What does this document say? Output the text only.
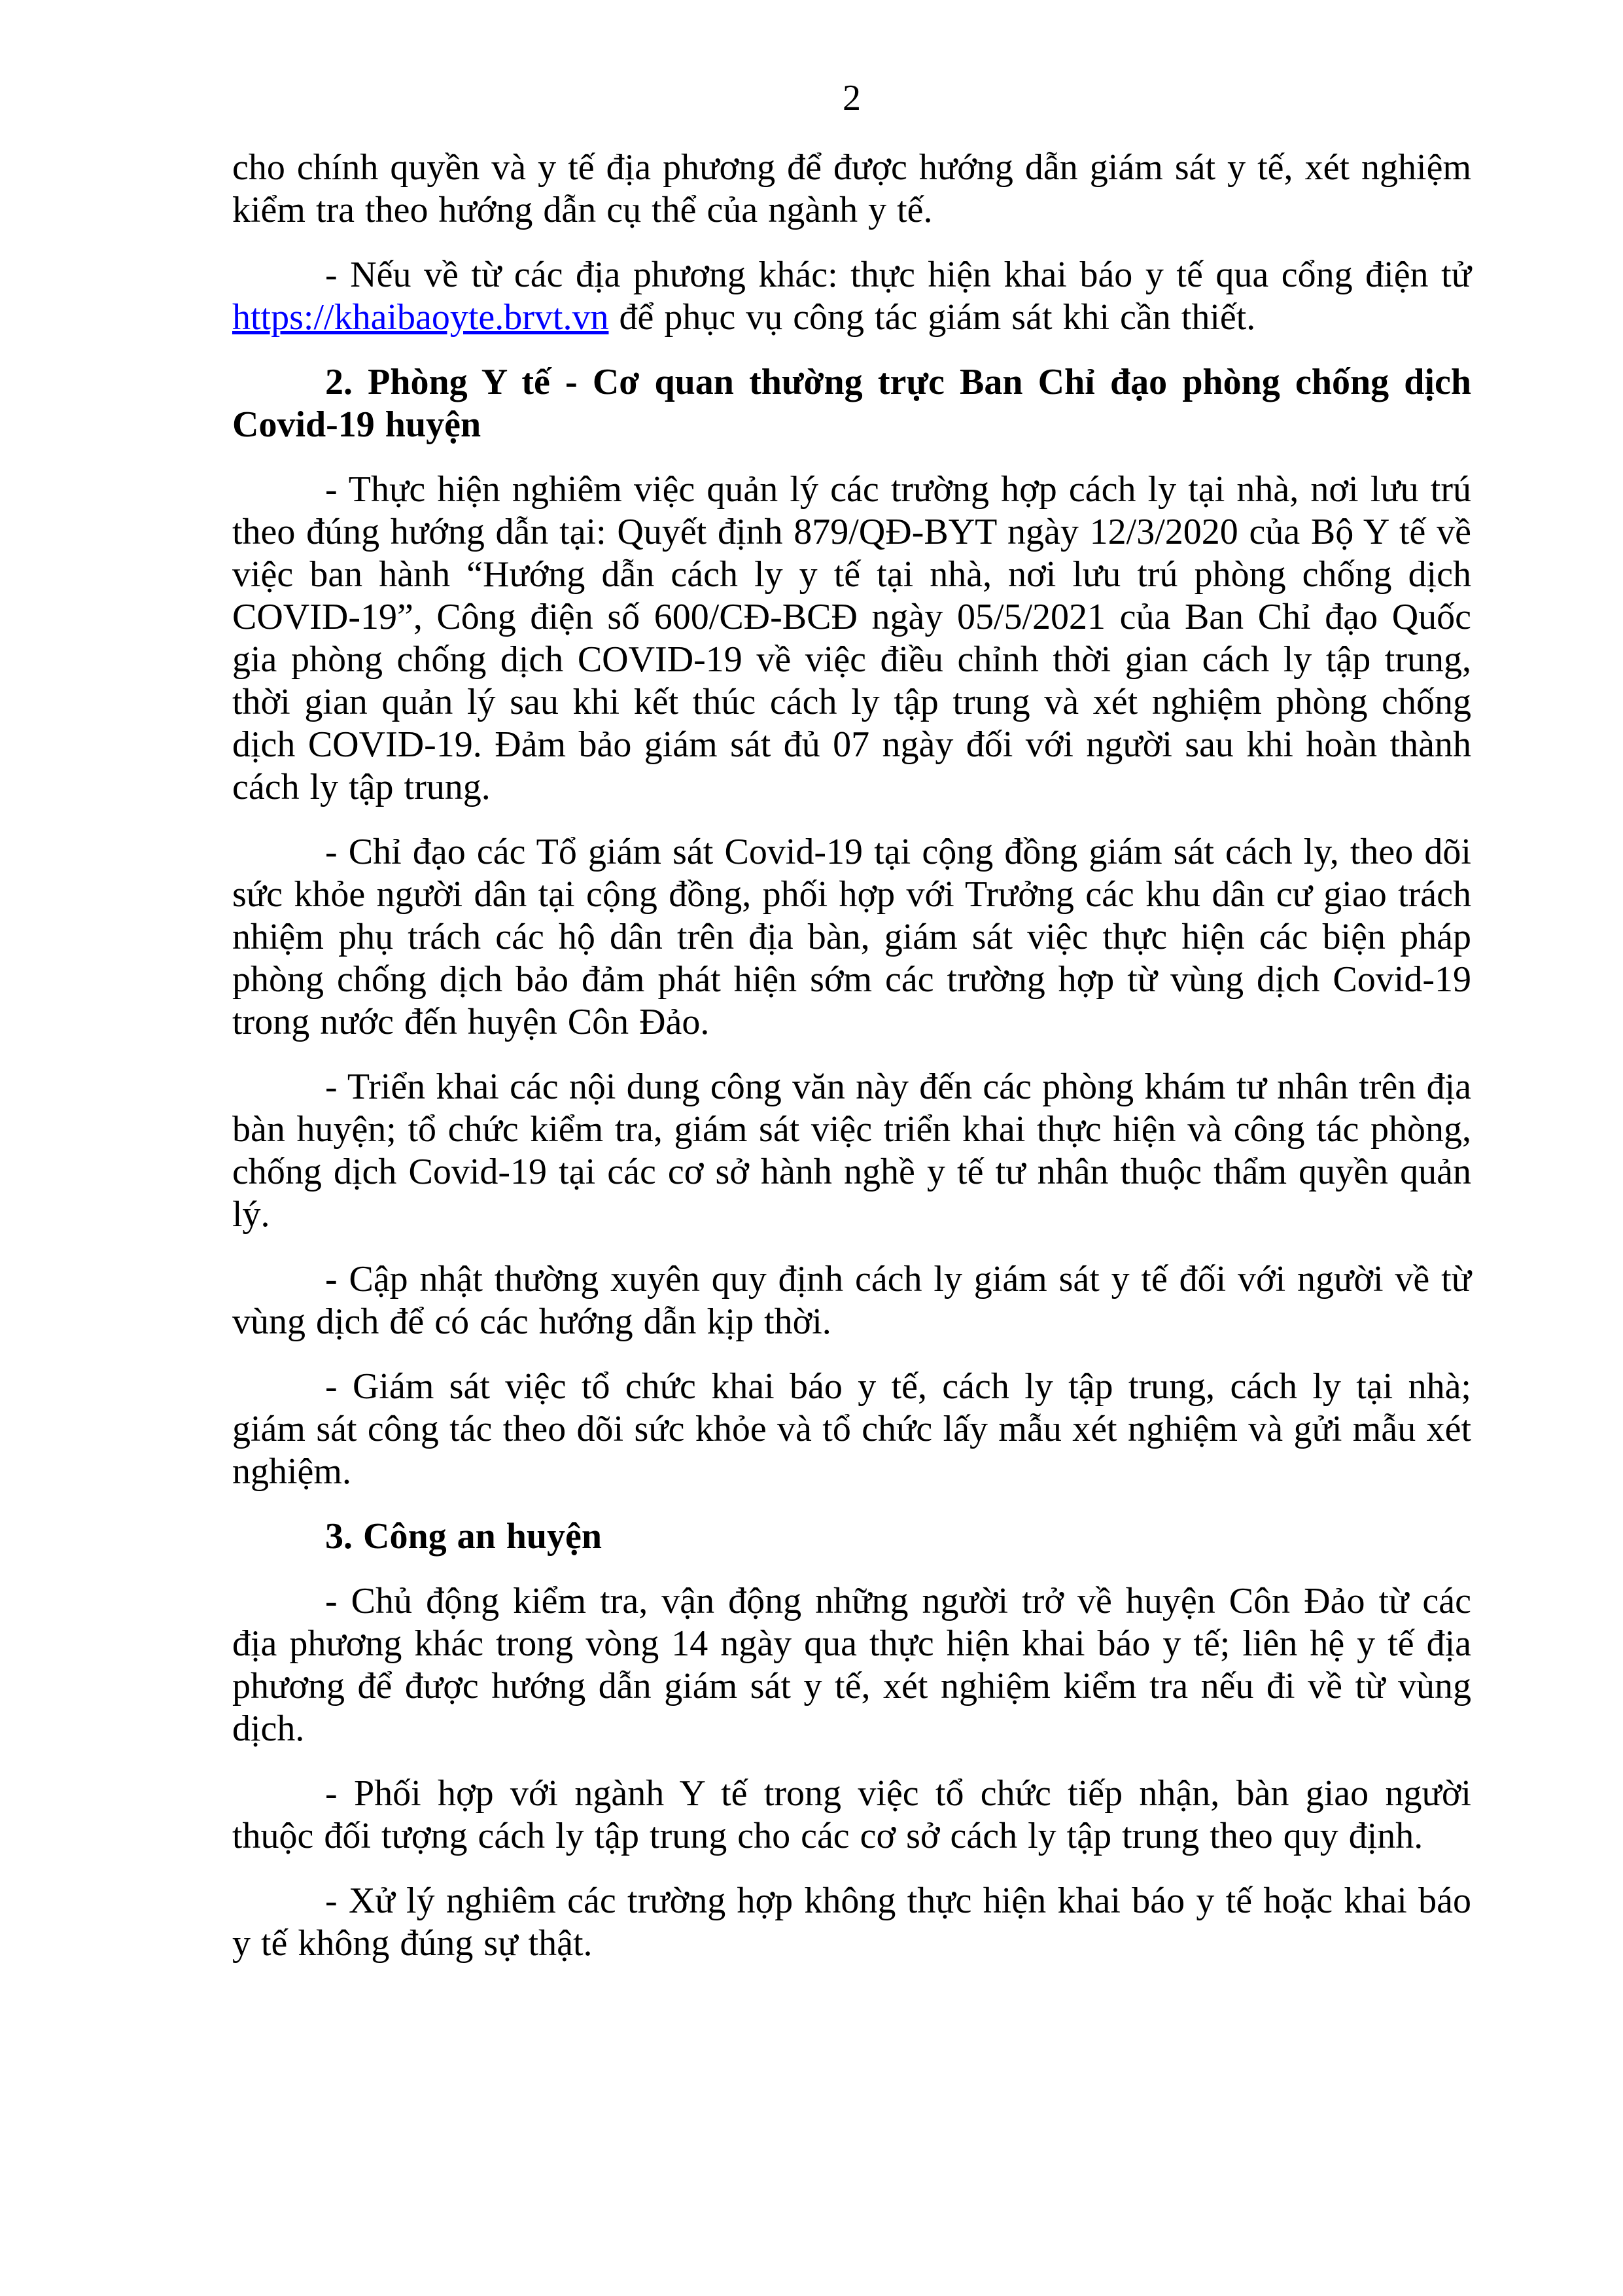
2

cho chính quyền và y tế địa phương để được hướng dẫn giám sát y tế, xét nghiệm kiểm tra theo hướng dẫn cụ thể của ngành y tế.

- Nếu về từ các địa phương khác: thực hiện khai báo y tế qua cổng điện tử https://khaibaoyte.brvt.vn để phục vụ công tác giám sát khi cần thiết.

2. Phòng Y tế - Cơ quan thường trực Ban Chỉ đạo phòng chống dịch Covid-19 huyện

- Thực hiện nghiêm việc quản lý các trường hợp cách ly tại nhà, nơi lưu trú theo đúng hướng dẫn tại: Quyết định 879/QĐ-BYT ngày 12/3/2020 của Bộ Y tế về việc ban hành “Hướng dẫn cách ly y tế tại nhà, nơi lưu trú phòng chống dịch COVID-19”, Công điện số 600/CĐ-BCĐ ngày 05/5/2021 của Ban Chỉ đạo Quốc gia phòng chống dịch COVID-19 về việc điều chỉnh thời gian cách ly tập trung, thời gian quản lý sau khi kết thúc cách ly tập trung và xét nghiệm phòng chống dịch COVID-19. Đảm bảo giám sát đủ 07 ngày đối với người sau khi hoàn thành cách ly tập trung.

- Chỉ đạo các Tổ giám sát Covid-19 tại cộng đồng giám sát cách ly, theo dõi sức khỏe người dân tại cộng đồng, phối hợp với Trưởng các khu dân cư giao trách nhiệm phụ trách các hộ dân trên địa bàn, giám sát việc thực hiện các biện pháp phòng chống dịch bảo đảm phát hiện sớm các trường hợp từ vùng dịch Covid-19 trong nước đến huyện Côn Đảo.

- Triển khai các nội dung công văn này đến các phòng khám tư nhân trên địa bàn huyện; tổ chức kiểm tra, giám sát việc triển khai thực hiện và công tác phòng, chống dịch Covid-19 tại các cơ sở hành nghề y tế tư nhân thuộc thẩm quyền quản lý.

- Cập nhật thường xuyên quy định cách ly giám sát y tế đối với người về từ vùng dịch để có các hướng dẫn kịp thời.

- Giám sát việc tổ chức khai báo y tế, cách ly tập trung, cách ly tại nhà; giám sát công tác theo dõi sức khỏe và tổ chức lấy mẫu xét nghiệm và gửi mẫu xét nghiệm.

3. Công an huyện

- Chủ động kiểm tra, vận động những người trở về huyện Côn Đảo từ các địa phương khác trong vòng 14 ngày qua thực hiện khai báo y tế; liên hệ y tế địa phương để được hướng dẫn giám sát y tế, xét nghiệm kiểm tra nếu đi về từ vùng dịch.

- Phối hợp với ngành Y tế trong việc tổ chức tiếp nhận, bàn giao người thuộc đối tượng cách ly tập trung cho các cơ sở cách ly tập trung theo quy định.

- Xử lý nghiêm các trường hợp không thực hiện khai báo y tế hoặc khai báo y tế không đúng sự thật.
